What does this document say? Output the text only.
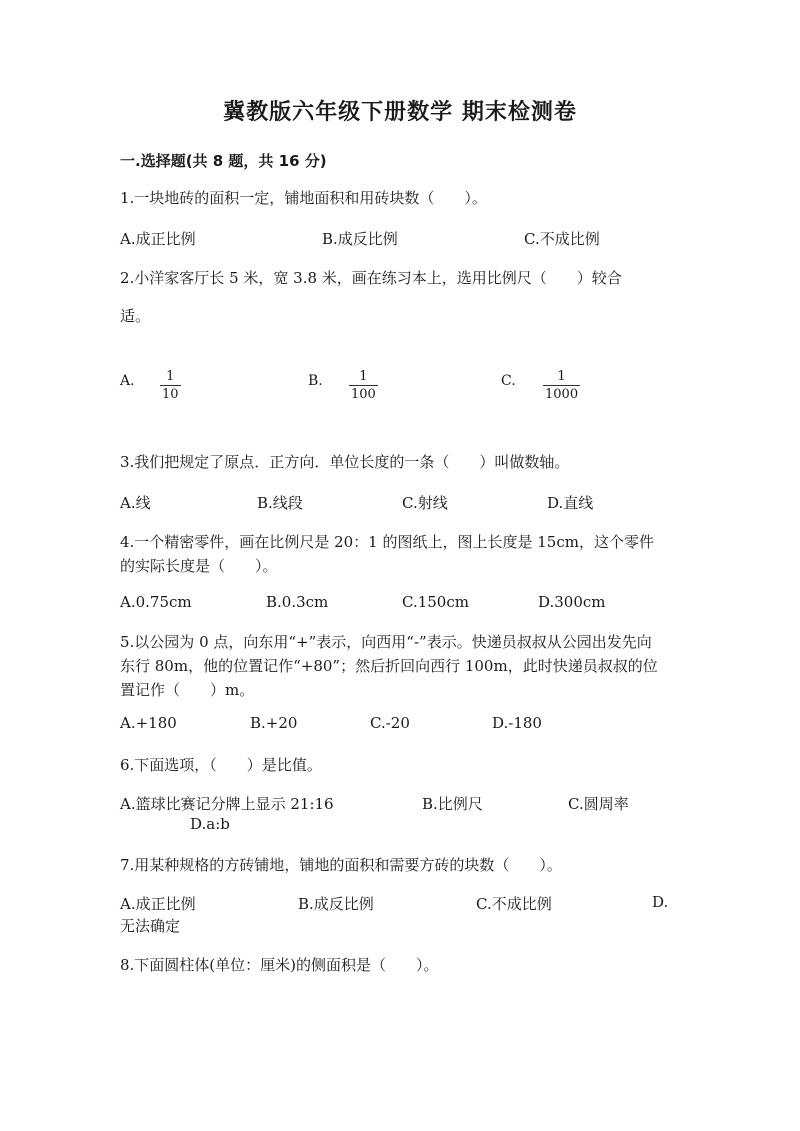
冀教版六年级下册数学 期末检测卷
一.选择题(共 8 题，共 16 分)
1.一块地砖的面积一定，铺地面积和用砖块数（　　）。
A.成正比例	B.成反比例	C.不成比例
2.小洋家客厅长 5 米，宽 3.8 米，画在练习本上，选用比例尺（　　）较合
适。
A. 1
10
B.	1
100
C.	1
1000
3.我们把规定了原点．正方向．单位长度的一条（　　）叫做数轴。
A.线	B.线段	C.射线	D.直线
4.一个精密零件，画在比例尺是 20：1 的图纸上，图上长度是 15cm，这个零件的实际长度是（　　）。
A.0.75cm	B.0.3cm	C.150cm	D.300cm
5.以公园为 0 点，向东用“+”表示，向西用“-”表示。快递员叔叔从公园出发先向东行 80m，他的位置记作“+80”；然后折回向西行 100m，此时快递员叔叔的位置记作（　　）m。
A.+180	B.+20	C.-20	D.-180
6.下面选项，（　　）是比值。
A.篮球比赛记分牌上显示 21:16	B.比例尺	C.圆周率
D.a:b
7.用某种规格的方砖铺地，铺地的面积和需要方砖的块数（　　）。
A.成正比例	B.成反比例	C.不成比例	D.
无法确定
8.下面圆柱体(单位：厘米)的侧面积是（　　）。
